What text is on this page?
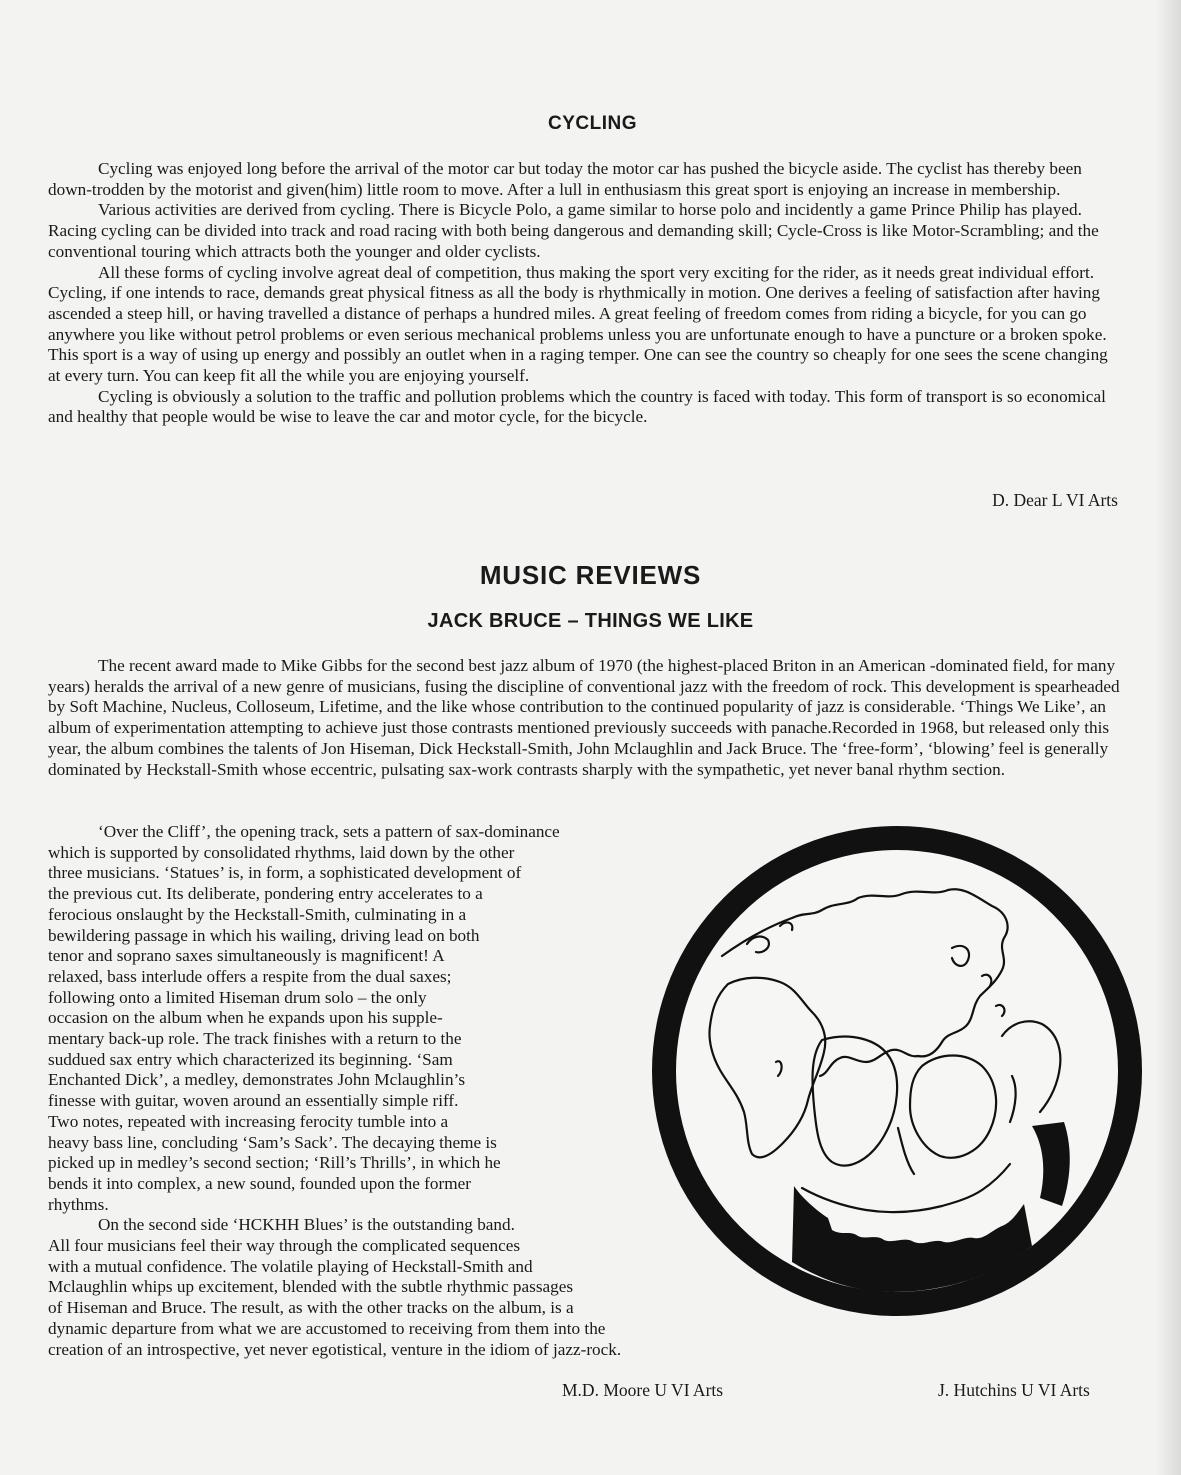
CYCLING

Cycling was enjoyed long before the arrival of the motor car but today the motor car has pushed the bicycle aside. The cyclist has thereby been down-trodden by the motorist and given(him) little room to move. After a lull in enthusiasm this great sport is enjoying an increase in membership.

Various activities are derived from cycling. There is Bicycle Polo, a game similar to horse polo and incidently a game Prince Philip has played. Racing cycling can be divided into track and road racing with both being dangerous and demanding skill; Cycle-Cross is like Motor-Scrambling; and the conventional touring which attracts both the younger and older cyclists.

All these forms of cycling involve agreat deal of competition, thus making the sport very exciting for the rider, as it needs great individual effort. Cycling, if one intends to race, demands great physical fitness as all the body is rhythmically in motion. One derives a feeling of satisfaction after having ascended a steep hill, or having travelled a distance of perhaps a hundred miles. A great feeling of freedom comes from riding a bicycle, for you can go anywhere you like without petrol problems or even serious mechanical problems unless you are unfortunate enough to have a puncture or a broken spoke. This sport is a way of using up energy and possibly an outlet when in a raging temper. One can see the country so cheaply for one sees the scene changing at every turn. You can keep fit all the while you are enjoying yourself.

Cycling is obviously a solution to the traffic and pollution problems which the country is faced with today. This form of transport is so economical and healthy that people would be wise to leave the car and motor cycle, for the bicycle.

D. Dear L VI Arts
MUSIC REVIEWS
JACK BRUCE – THINGS WE LIKE

The recent award made to Mike Gibbs for the second best jazz album of 1970 (the highest-placed Briton in an American -dominated field, for many years) heralds the arrival of a new genre of musicians, fusing the discipline of conventional jazz with the freedom of rock. This development is spearheaded by Soft Machine, Nucleus, Colloseum, Lifetime, and the like whose contribution to the continued popularity of jazz is considerable. ‘Things We Like’, an album of experimentation attempting to achieve just those contrasts mentioned previously succeeds with panache.Recorded in 1968, but released only this year, the album combines the talents of Jon Hiseman, Dick Heckstall-Smith, John Mclaughlin and Jack Bruce. The ‘free-form’, ‘blowing’ feel is generally dominated by Heckstall-Smith whose eccentric, pulsating sax-work contrasts sharply with the sympathetic, yet never banal rhythm section.

‘Over the Cliff’, the opening track, sets a pattern of sax-dominance
which is supported by consolidated rhythms, laid down by the other
three musicians. ‘Statues’ is, in form, a sophisticated development of
the previous cut. Its deliberate, pondering entry accelerates to a
ferocious onslaught by the Heckstall-Smith, culminating in a
bewildering passage in which his wailing, driving lead on both
tenor and soprano saxes simultaneously is magnificent! A
relaxed, bass interlude offers a respite from the dual saxes;
following onto a limited Hiseman drum solo – the only
occasion on the album when he expands upon his supple-
mentary back-up role. The track finishes with a return to the
suddued sax entry which characterized its beginning. ‘Sam
Enchanted Dick’, a medley, demonstrates John Mclaughlin’s
finesse with guitar, woven around an essentially simple riff.
Two notes, repeated with increasing ferocity tumble into a
heavy bass line, concluding ‘Sam’s Sack’. The decaying theme is
picked up in medley’s second section; ‘Rill’s Thrills’, in which he
bends it into complex, a new sound, founded upon the former
rhythms.
On the second side ‘HCKHH Blues’ is the outstanding band.
All four musicians feel their way through the complicated sequences
with a mutual confidence. The volatile playing of Heckstall-Smith and
Mclaughlin whips up excitement, blended with the subtle rhythmic passages
of Hiseman and Bruce. The result, as with the other tracks on the album, is a
dynamic departure from what we are accustomed to receiving from them into the
creation of an introspective, yet never egotistical, venture in the idiom of jazz-rock.
M.D. Moore U VI Arts	J. Hutchins U VI Arts
